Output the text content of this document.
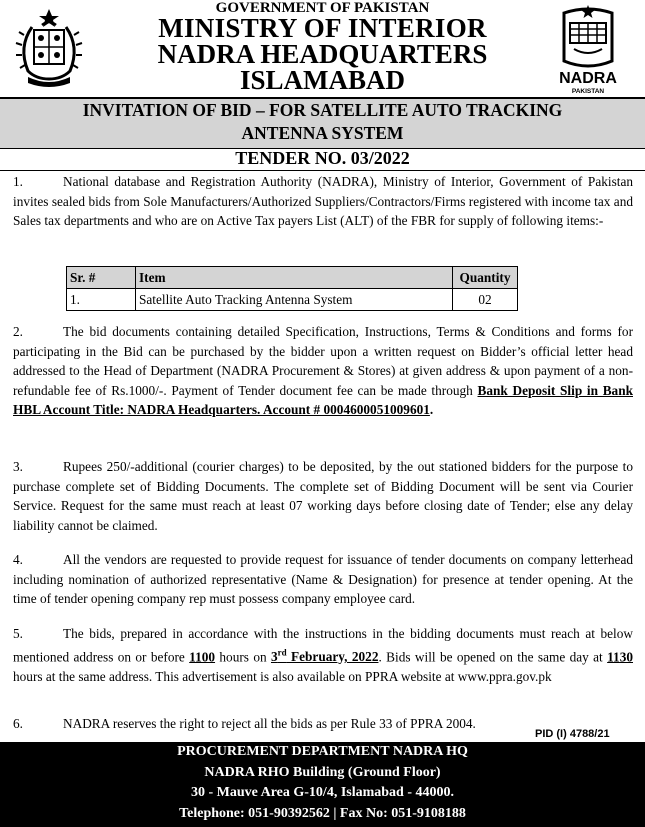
GOVERNMENT OF PAKISTAN
MINISTRY OF INTERIOR
NADRA HEADQUARTERS
ISLAMABAD	NADRA
PAKISTAN
INVITATION OF BID – FOR SATELLITE AUTO TRACKING
ANTENNA SYSTEM
TENDER NO. 03/2022
1.	National database and Registration Authority (NADRA), Ministry of Interior, Government of Pakistan invites sealed bids from Sole Manufacturers/Authorized Suppliers/Contractors/Firms registered with income tax and Sales tax departments and who are on Active Tax payers List (ALT) of the FBR for supply of following items:-
Sr. #	Item	Quantity
1.	Satellite Auto Tracking Antenna System	02
2.	The bid documents containing detailed Specification, Instructions, Terms & Conditions and forms for participating in the Bid can be purchased by the bidder upon a written request on Bidder’s official letter head addressed to the Head of Department (NADRA Procurement & Stores) at given address & upon payment of a non-refundable fee of Rs.1000/-. Payment of Tender document fee can be made through Bank Deposit Slip in Bank HBL Account Title: NADRA Headquarters. Account # 0004600051009601.
3.	Rupees 250/-additional (courier charges) to be deposited, by the out stationed bidders for the purpose to purchase complete set of Bidding Documents. The complete set of Bidding Document will be sent via Courier Service. Request for the same must reach at least 07 working days before closing date of Tender; else any delay liability cannot be claimed.
4.	All the vendors are requested to provide request for issuance of tender documents on company letterhead including nomination of authorized representative (Name & Designation) for presence at tender opening. At the time of tender opening company rep must possess company employee card.
5.	The bids, prepared in accordance with the instructions in the bidding documents must reach at below mentioned address on or before 1100 hours on 3rd February, 2022. Bids will be opened on the same day at 1130 hours at the same address. This advertisement is also available on PPRA website at www.ppra.gov.pk
6.	NADRA reserves the right to reject all the bids as per Rule 33 of PPRA 2004.
PID (I) 4788/21
PROCUREMENT DEPARTMENT NADRA HQ
NADRA RHO Building (Ground Floor)
30 - Mauve Area G-10/4, Islamabad - 44000.
Telephone: 051-90392562 | Fax No: 051-9108188
